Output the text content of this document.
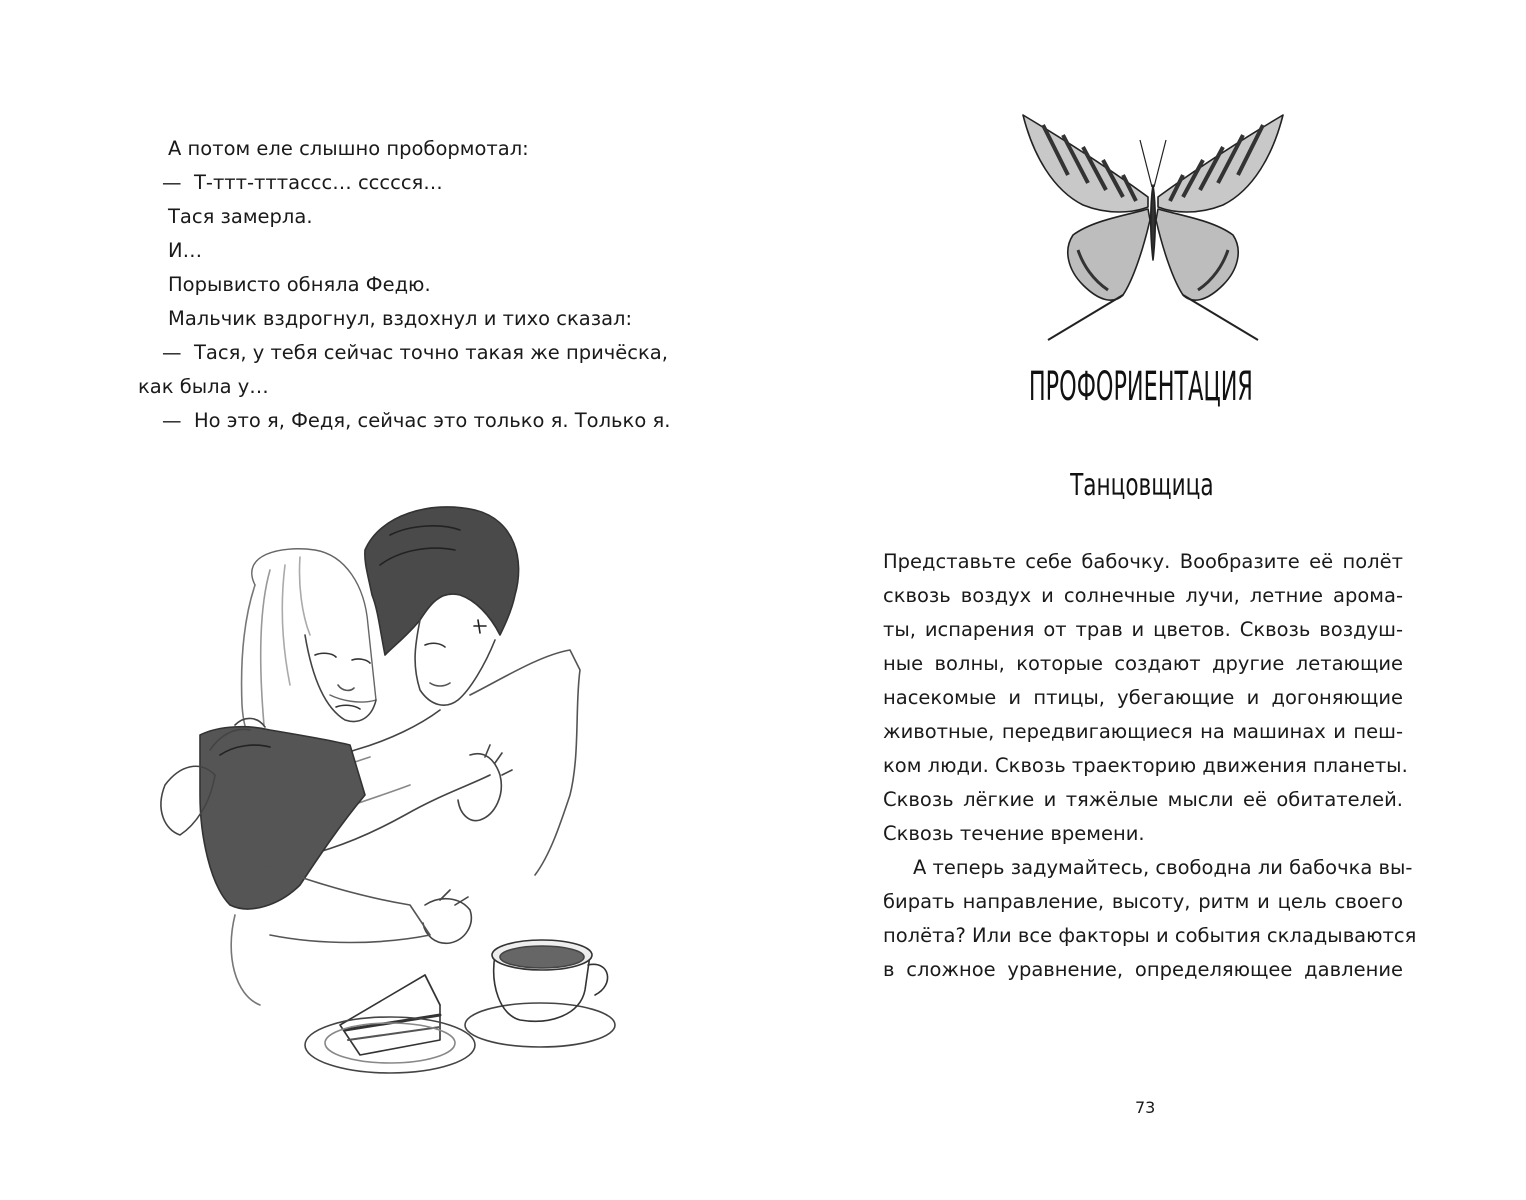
А потом еле слышно пробормотал:
— Т-ттт-тттассс… ссссся…
Тася замерла.
И…
Порывисто обняла Федю.
Мальчик вздрогнул, вздохнул и тихо сказал:
— Тася, у тебя сейчас точно такая же причёска,
как была у…
— Но это я, Федя, сейчас это только я. Только я.
ПРОФОРИЕНТАЦИЯ
Танцовщица
Представьте себе бабочку. Вообразите её полёт
сквозь воздух и солнечные лучи, летние арома-
ты, испарения от трав и цветов. Сквозь воздуш-
ные волны, которые создают другие летающие
насекомые и птицы, убегающие и догоняющие
животные, передвигающиеся на машинах и пеш-
ком люди. Сквозь траекторию движения планеты.
Сквозь лёгкие и тяжёлые мысли её обитателей.
Сквозь течение времени.
А теперь задумайтесь, свободна ли бабочка вы-
бирать направление, высоту, ритм и цель своего
полёта? Или все факторы и события складываются
в сложное уравнение, определяющее давление
73
